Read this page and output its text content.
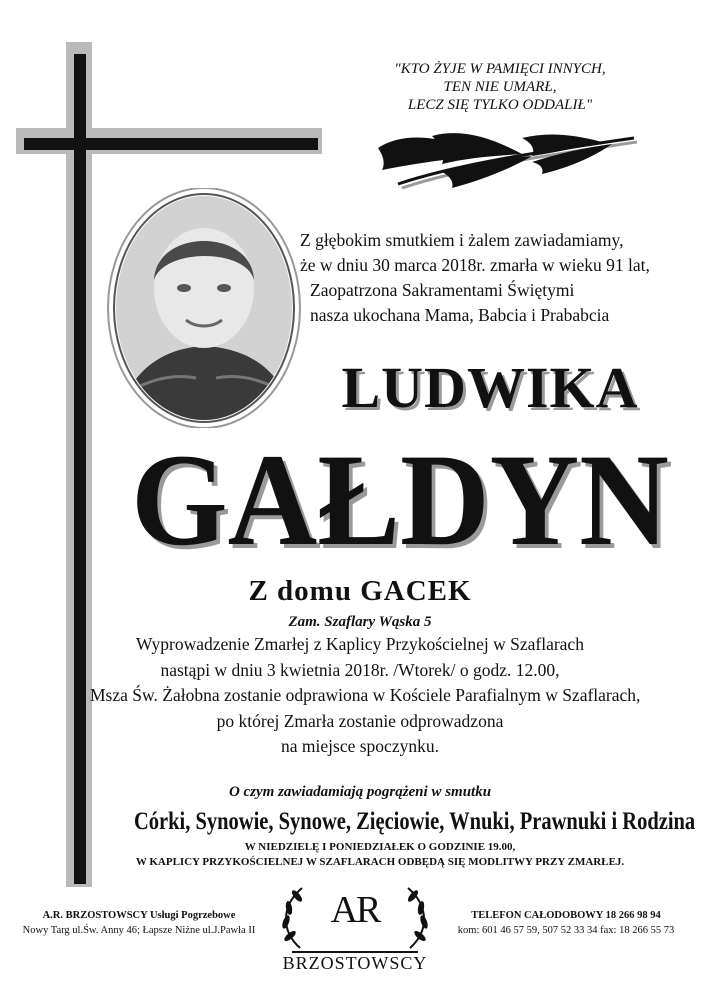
"KTO ŻYJE W PAMIĘCI INNYCH,
TEN NIE UMARŁ,
LECZ SIĘ TYLKO ODDALIŁ"
Z głębokim smutkiem i żalem zawiadamiamy,
że w dniu 30 marca 2018r. zmarła w wieku 91 lat,
Zaopatrzona Sakramentami Świętymi
nasza ukochana Mama, Babcia i Prababcia
LUDWIKA
GAŁDYN
Z domu GACEK
Zam. Szaflary Wąska 5
Wyprowadzenie Zmarłej z Kaplicy Przykościelnej w Szaflarach
nastąpi w dniu 3 kwietnia 2018r. /Wtorek/ o godz. 12.00,
Msza Św. Żałobna zostanie odprawiona w Kościele Parafialnym w Szaflarach,
po której Zmarła zostanie odprowadzona
na miejsce spoczynku.
O czym zawiadamiają pogrążeni w smutku
Córki, Synowie, Synowe, Zięciowie, Wnuki, Prawnuki i Rodzina
W NIEDZIELĘ I PONIEDZIAŁEK O GODZINIE 19.00,
W KAPLICY PRZYKOŚCIELNEJ W SZAFLARACH ODBĘDĄ SIĘ MODLITWY PRZY ZMARŁEJ.
A.R. BRZOSTOWSCY Usługi Pogrzebowe
Nowy Targ ul.Św. Anny 46; Łapsze Niżne ul.J.Pawła II	AR
BRZOSTOWSCY
TELEFON CAŁODOBOWY 18 266 98 94
kom: 601 46 57 59, 507 52 33 34 fax: 18 266 55 73
